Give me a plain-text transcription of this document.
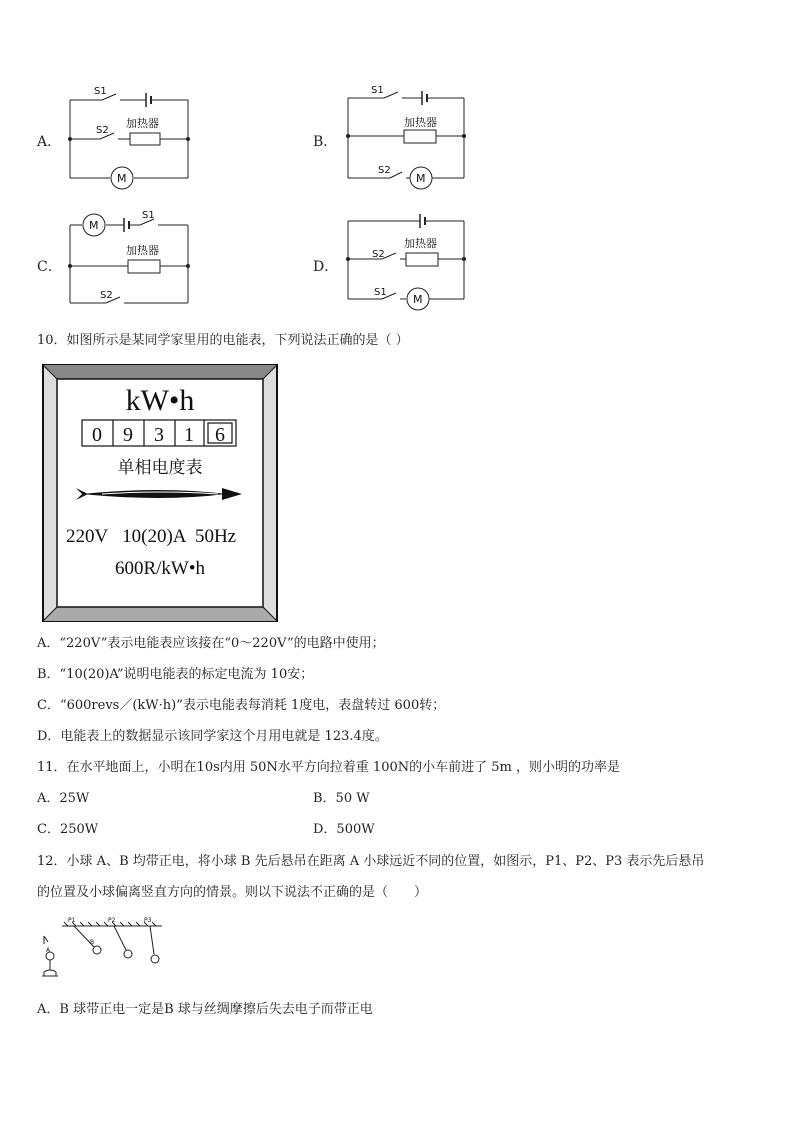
A．
S1
S2
加热器
M
B．
S1
S2
加热器
M
C．
M
S1
S2
加热器
D．
S2
S1
加热器
M
10．如图所示是某同学家里用的电能表，下列说法正确的是（ ）
kW•h
0 9 3 1 6
单相电度表
220V   10(20)A  50Hz
600R/kW•h
A．“220V”表示电能表应该接在“0～220V”的电路中使用；
B．“10(20)A”说明电能表的标定电流为 10安；
C．“600revs／(kW·h)”表示电能表每消耗 1度电，表盘转过 600转；
D．电能表上的数据显示该同学家这个月用电就是 123.4度。
11．在水平地面上，小明在10s内用 50N水平方向拉着重 100N的小车前进了 5m ，则小明的功率是
A．25W	B．50 W
C．250W	D．500W
12．小球 A、B 均带正电，将小球 B 先后悬吊在距离 A 小球远近不同的位置，如图示，P1、P2、P3 表示先后悬吊
的位置及小球偏离竖直方向的情景。则以下说法不正确的是（　　）
P1	P2	P3
A
B
A．B 球带正电一定是B 球与丝绸摩擦后失去电子而带正电
